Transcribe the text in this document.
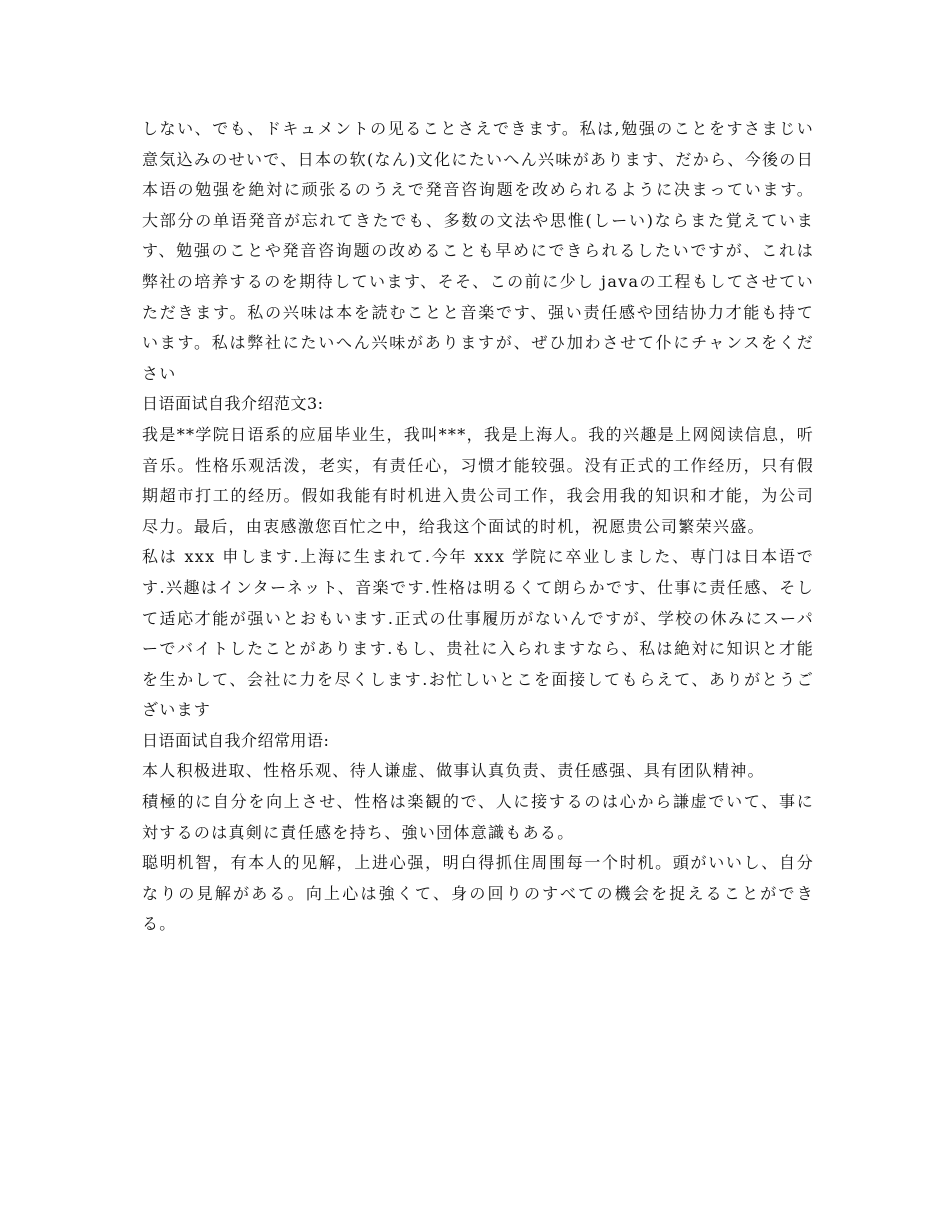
しない、でも、ドキュメントの见ることさえできます。私は,勉强のことをすさまじい意気込みのせいで、日本の软(なん)文化にたいへん兴味があります、だから、今後の日本语の勉强を絶対に顽张るのうえで発音咨询题を改められるように决まっています。大部分の单语発音が忘れてきたでも、多数の文法や思惟(しーい)ならまた覚えています、勉强のことや発音咨询题の改めることも早めにできられるしたいですが、これは弊社の培养するのを期待しています、そそ、この前に少し javaの工程もしてさせていただきます。私の兴味は本を読むことと音楽です、强い责任感や団结协力才能も持ています。私は弊社にたいへん兴味がありますが、ぜひ加わさせて仆にチャンスをください

日语面试自我介绍范文3:

我是**学院日语系的应届毕业生，我叫***，我是上海人。我的兴趣是上网阅读信息，听音乐。性格乐观活泼，老实，有责任心，习惯才能较强。没有正式的工作经历，只有假期超市打工的经历。假如我能有时机进入贵公司工作，我会用我的知识和才能，为公司尽力。最后，由衷感激您百忙之中，给我这个面试的时机，祝愿贵公司繁荣兴盛。

私は xxx 申します.上海に生まれて.今年 xxx 学院に卒业しました、専门は日本语です.兴趣はインターネット、音楽です.性格は明るくて朗らかです、仕事に责任感、そして适応才能が强いとおもいます.正式の仕事履历がないんですが、学校の休みにスーパーでバイトしたことがあります.もし、贵社に入られますなら、私は絶対に知识と才能を生かして、会社に力を尽くします.お忙しいとこを面接してもらえて、ありがとうございます

日语面试自我介绍常用语:

本人积极进取、性格乐观、待人谦虚、做事认真负责、责任感强、具有团队精神。

積極的に自分を向上させ、性格は楽観的で、人に接するのは心から謙虚でいて、事に対するのは真剣に責任感を持ち、強い団体意識もある。

聪明机智，有本人的见解，上进心强，明白得抓住周围每一个时机。頭がいいし、自分なりの見解がある。向上心は強くて、身の回りのすべての機会を捉えることができる。
